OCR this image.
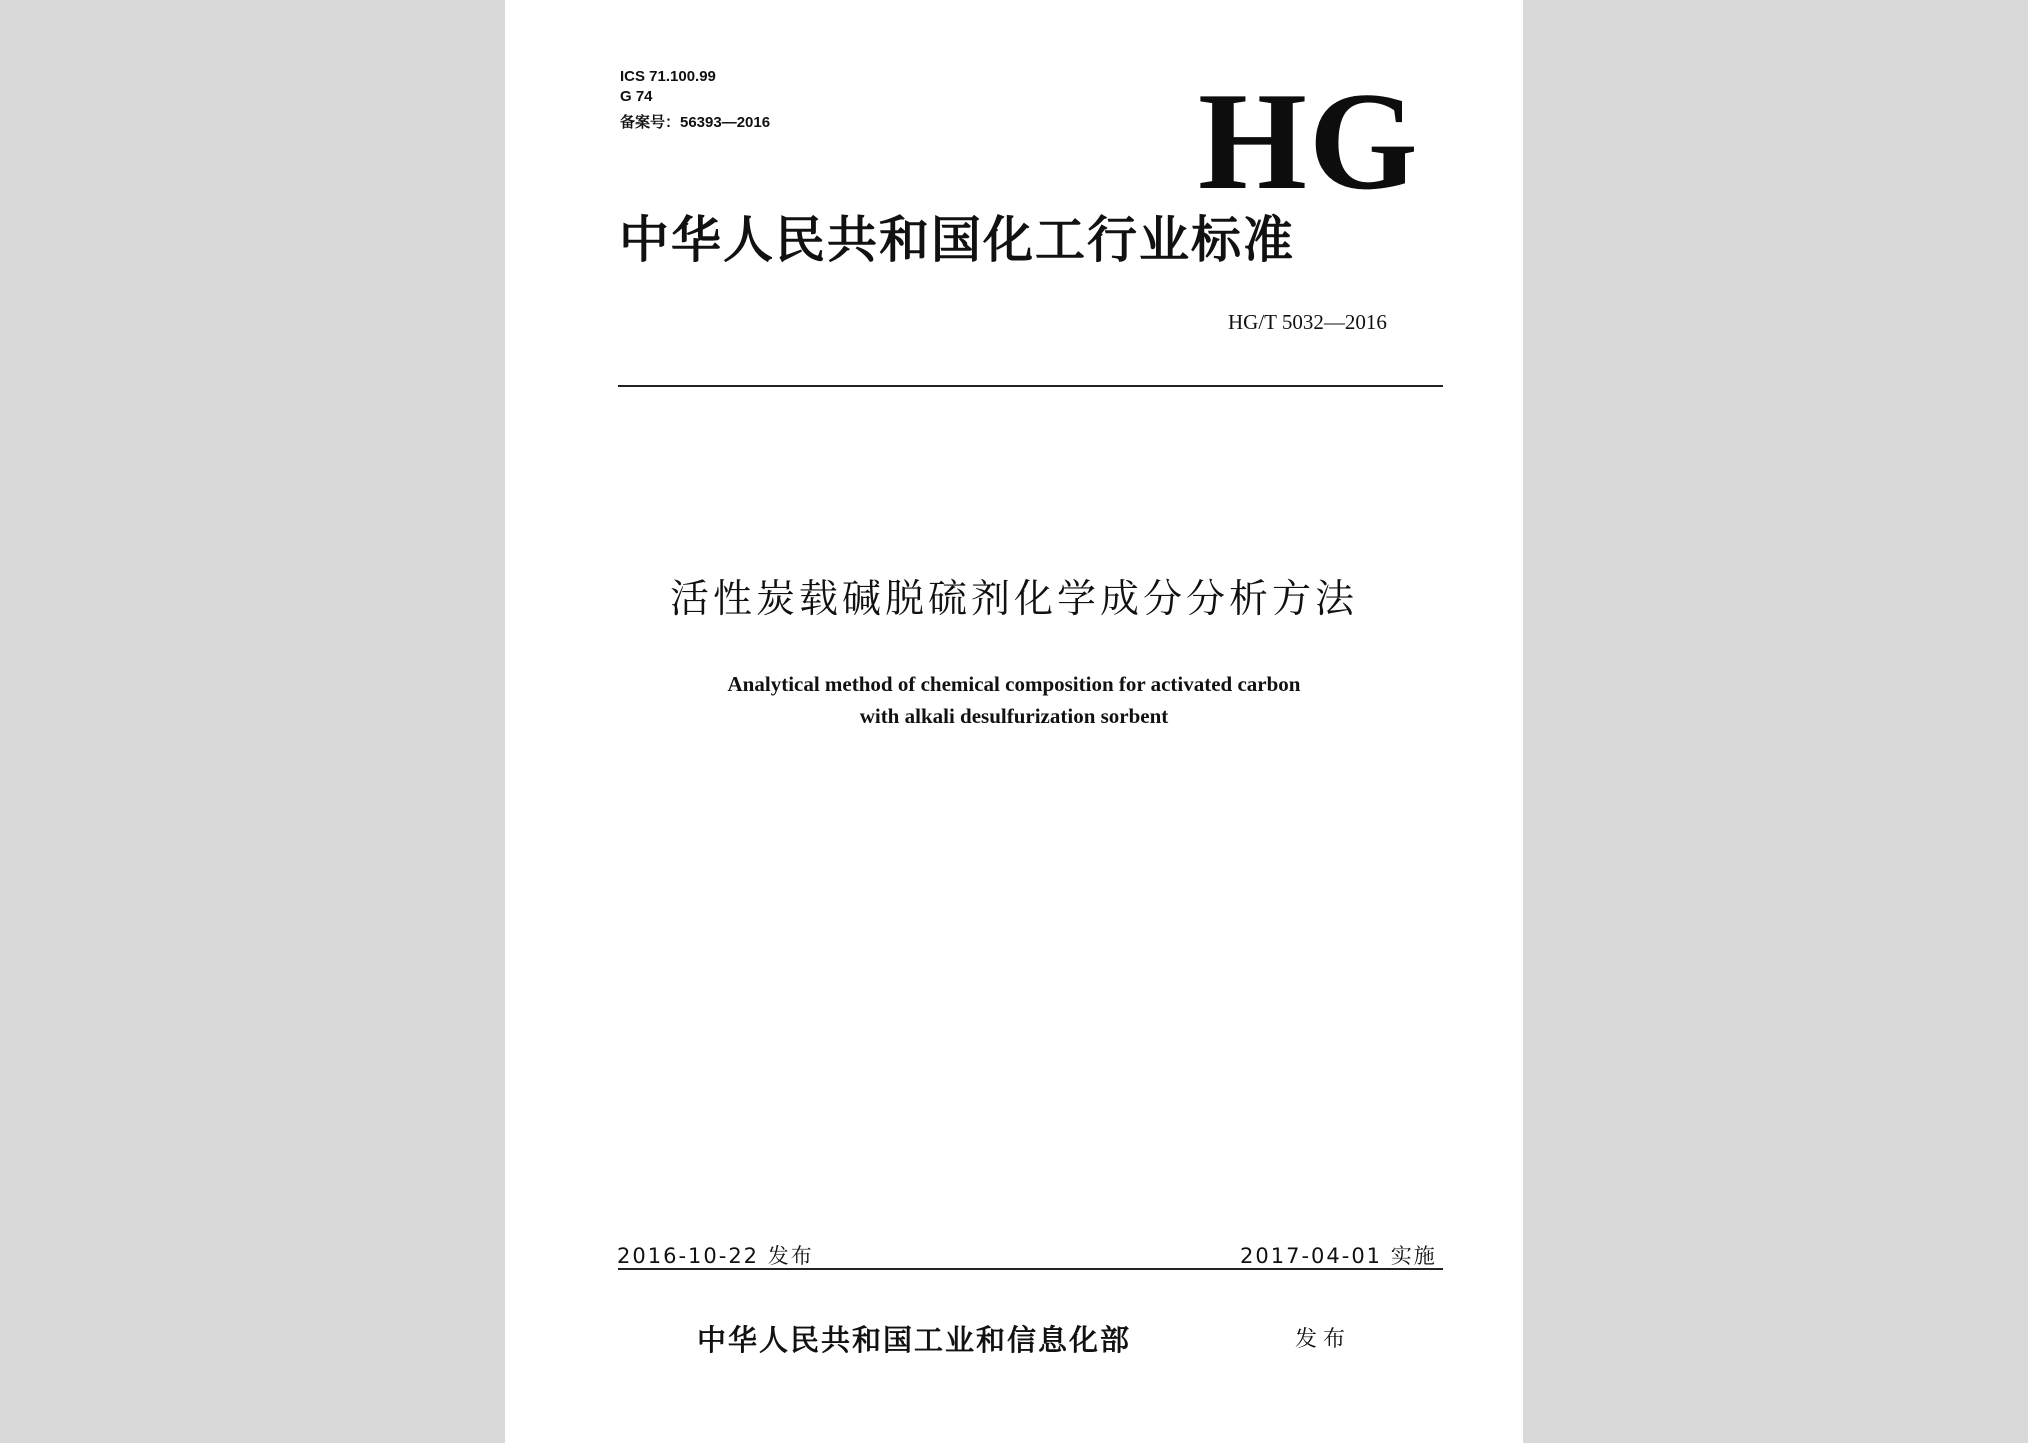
ICS 71.100.99
G 74
备案号：56393—2016	HG
中华人民共和国化工行业标准
HG/T 5032—2016
活性炭载碱脱硫剂化学成分分析方法
Analytical method of chemical composition for activated carbon
with alkali desulfurization sorbent
2016-10-22 发布	2017-04-01 实施
中华人民共和国工业和信息化部	发布
